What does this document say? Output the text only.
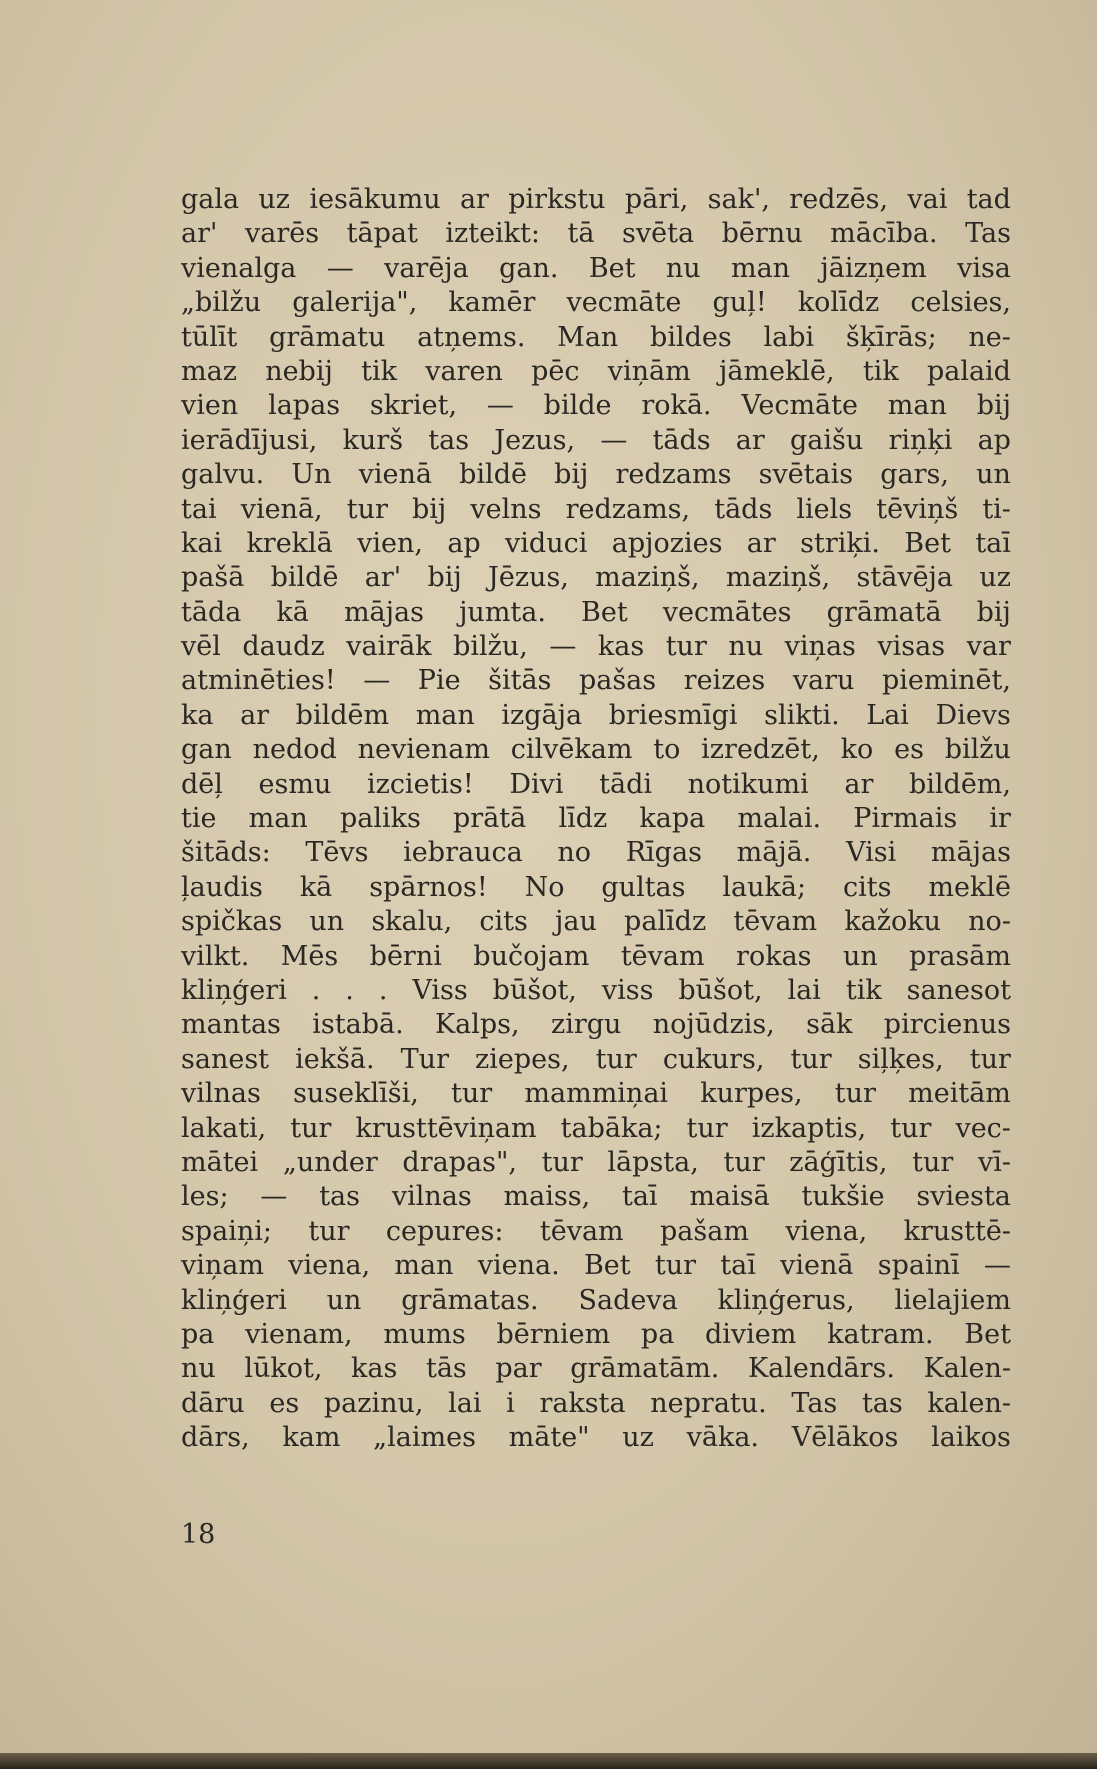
gala uz iesākumu ar pirkstu pāri, sak', redzēs, vai tad
ar' varēs tāpat izteikt: tā svēta bērnu mācība. Tas
vienalga — varēja gan. Bet nu man jāizņem visa
„bilžu galerija", kamēr vecmāte guļ! kolīdz celsies,
tūlīt grāmatu atņems. Man bildes labi šķīrās; ne-
maz nebij tik varen pēc viņām jāmeklē, tik palaid
vien lapas skriet, — bilde rokā. Vecmāte man bij
ierādījusi, kurš tas Jezus, — tāds ar gaišu riņķi ap
galvu. Un vienā bildē bij redzams svētais gars, un
tai vienā, tur bij velns redzams, tāds liels tēviņš ti-
kai kreklā vien, ap viduci apjozies ar striķi. Bet taī
pašā bildē ar' bij Jēzus, maziņš, maziņš, stāvēja uz
tāda kā mājas jumta. Bet vecmātes grāmatā bij
vēl daudz vairāk bilžu, — kas tur nu viņas visas var
atminēties! — Pie šitās pašas reizes varu pieminēt,
ka ar bildēm man izgāja briesmīgi slikti. Lai Dievs
gan nedod nevienam cilvēkam to izredzēt, ko es bilžu
dēļ esmu izcietis! Divi tādi notikumi ar bildēm,
tie man paliks prātā līdz kapa malai. Pirmais ir
šitāds: Tēvs iebrauca no Rīgas mājā. Visi mājas
ļaudis kā spārnos! No gultas laukā; cits meklē
spičkas un skalu, cits jau palīdz tēvam kažoku no-
vilkt. Mēs bērni bučojam tēvam rokas un prasām
kliņģeri . . . Viss būšot, viss būšot, lai tik sanesot
mantas istabā. Kalps, zirgu nojūdzis, sāk pircienus
sanest iekšā. Tur ziepes, tur cukurs, tur siļķes, tur
vilnas suseklīši, tur mammiņai kurpes, tur meitām
lakati, tur krusttēviņam tabāka; tur izkaptis, tur vec-
mātei „under drapas", tur lāpsta, tur zāģītis, tur vī-
les; — tas vilnas maiss, taī maisā tukšie sviesta
spaiņi; tur cepures: tēvam pašam viena, krusttē-
viņam viena, man viena. Bet tur taī vienā spainī —
kliņģeri un grāmatas. Sadeva kliņģerus, lielajiem
pa vienam, mums bērniem pa diviem katram. Bet
nu lūkot, kas tās par grāmatām. Kalendārs. Kalen-
dāru es pazinu, lai i raksta nepratu. Tas tas kalen-
dārs, kam „laimes māte" uz vāka. Vēlākos laikos
18
